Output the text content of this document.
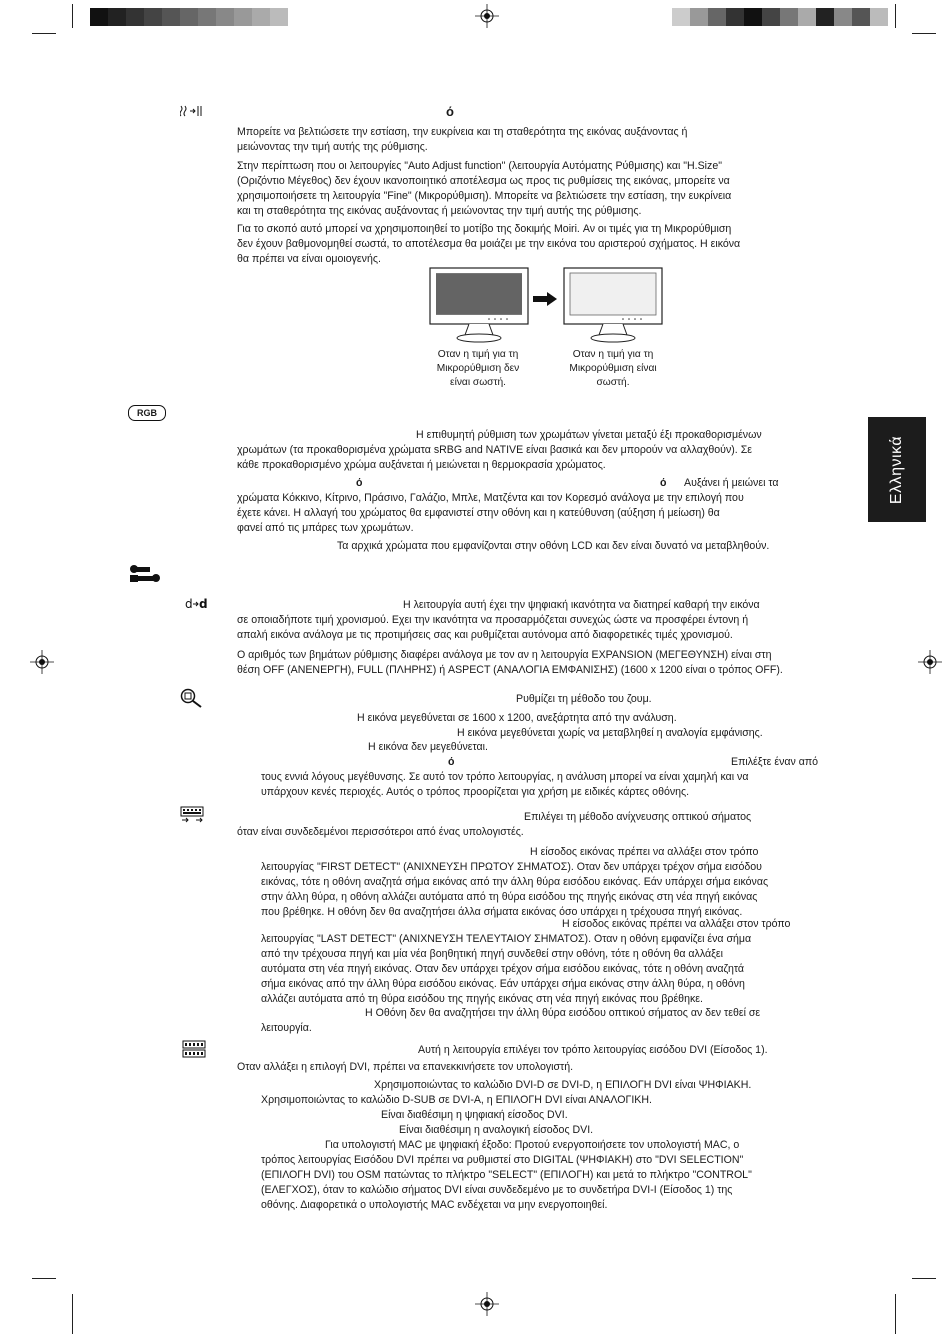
Ελληνικά
ό
Μπορείτε να βελτιώσετε την εστίαση, την ευκρίνεια και τη σταθερότητα της εικόνας αυξάνοντας ή
μειώνοντας την τιμή αυτής της ρύθμισης.
Στην περίπτωση που οι λειτουργίες "Auto Adjust function" (λειτουργία Αυτόματης Ρύθμισης) και "H.Size"
(Οριζόντιο Μέγεθος) δεν έχουν ικανοποιητικό αποτέλεσμα ως προς τις ρυθμίσεις της εικόνας, μπορείτε να
χρησιμοποιήσετε τη λειτουργία "Fine" (Μικρορύθμιση). Μπορείτε να βελτιώσετε την εστίαση, την ευκρίνεια
και τη σταθερότητα της εικόνας αυξάνοντας ή μειώνοντας την τιμή αυτής της ρύθμισης.
Για το σκοπό αυτό μπορεί να χρησιμοποιηθεί το μοτίβο της δοκιμής Moiri. Αν οι τιμές για τη Μικρορύθμιση
δεν έχουν βαθμονομηθεί σωστά, το αποτέλεσμα θα μοιάζει με την εικόνα του αριστερού σχήματος. Η εικόνα
θα πρέπει να είναι ομοιογενής.
Οταν η τιμή για τη
Μικρορύθμιση δεν
είναι σωστή.
Οταν η τιμή για τη
Μικρορύθμιση είναι
σωστή.
RGB
Η επιθυμητή ρύθμιση των χρωμάτων γίνεται μεταξύ έξι προκαθορισμένων
χρωμάτων (τα προκαθορισμένα χρώματα sRBG and NATIVE είναι βασικά και δεν μπορούν να αλλαχθούν). Σε
κάθε προκαθορισμένο χρώμα αυξάνεται ή μειώνεται η θερμοκρασία χρώματος.
ό	ό	Αυξάνει ή μειώνει τα
χρώματα Κόκκινο, Κίτρινο, Πράσινο, Γαλάζιο, Μπλε, Ματζέντα και τον Κορεσμό ανάλογα με την επιλογή που
έχετε κάνει. Η αλλαγή του χρώματος θα εμφανιστεί στην οθόνη και η κατεύθυνση (αύξηση ή μείωση) θα
φανεί από τις μπάρες των χρωμάτων.
Τα αρχικά χρώματα που εμφανίζονται στην οθόνη LCD και δεν είναι δυνατό να μεταβληθούν.
d d	Η λειτουργία αυτή έχει την ψηφιακή ικανότητα να διατηρεί καθαρή την εικόνα
σε οποιαδήποτε τιμή χρονισμού. Εχει την ικανότητα να προσαρμόζεται συνεχώς ώστε να προσφέρει έντονη ή
απαλή εικόνα ανάλογα με τις προτιμήσεις σας και ρυθμίζεται αυτόνομα από διαφορετικές τιμές χρονισμού.
Ο αριθμός των βημάτων ρύθμισης διαφέρει ανάλογα με τον αν η λειτουργία EXPANSION (ΜΕΓΕΘΥΝΣΗ) είναι στη
θέση OFF (ΑΝΕΝΕΡΓΗ), FULL (ΠΛΗΡΗΣ) ή ASPECT (ΑΝΑΛΟΓΙΑ ΕΜΦΑΝΙΣΗΣ) (1600 x 1200 είναι ο τρόπος OFF).
Ρυθμίζει τη μέθοδο του ζουμ.
Η εικόνα μεγεθύνεται σε 1600 x 1200, ανεξάρτητα από την ανάλυση.
Η εικόνα μεγεθύνεται χωρίς να μεταβληθεί η αναλογία εμφάνισης.
Η εικόνα δεν μεγεθύνεται.
ό	Επιλέξτε έναν από
τους εννιά λόγους μεγέθυνσης. Σε αυτό τον τρόπο λειτουργίας, η ανάλυση μπορεί να είναι χαμηλή και να
υπάρχουν κενές περιοχές. Αυτός ο τρόπος προορίζεται για χρήση με ειδικές κάρτες οθόνης.
Επιλέγει τη μέθοδο ανίχνευσης οπτικού σήματος
όταν είναι συνδεδεμένοι περισσότεροι από ένας υπολογιστές.
Η είσοδος εικόνας πρέπει να αλλάξει στον τρόπο
λειτουργίας "FIRST DETECT" (ΑΝΙΧΝΕΥΣΗ ΠΡΩΤΟΥ ΣΗΜΑΤΟΣ). Οταν δεν υπάρχει τρέχον σήμα εισόδου
εικόνας, τότε η οθόνη αναζητά σήμα εικόνας από την άλλη θύρα εισόδου εικόνας. Εάν υπάρχει σήμα εικόνας
στην άλλη θύρα, η οθόνη αλλάζει αυτόματα από τη θύρα εισόδου της πηγής εικόνας στη νέα πηγή εικόνας
που βρέθηκε. Η οθόνη δεν θα αναζητήσει άλλα σήματα εικόνας όσο υπάρχει η τρέχουσα πηγή εικόνας.
Η είσοδος εικόνας πρέπει να αλλάξει στον τρόπο
λειτουργίας "LAST DETECT" (ΑΝΙΧΝΕΥΣΗ ΤΕΛΕΥΤΑΙΟΥ ΣΗΜΑΤΟΣ). Οταν η οθόνη εμφανίζει ένα σήμα
από την τρέχουσα πηγή και μία νέα βοηθητική πηγή συνδεθεί στην οθόνη, τότε η οθόνη θα αλλάξει
αυτόματα στη νέα πηγή εικόνας. Οταν δεν υπάρχει τρέχον σήμα εισόδου εικόνας, τότε η οθόνη αναζητά
σήμα εικόνας από την άλλη θύρα εισόδου εικόνας. Εάν υπάρχει σήμα εικόνας στην άλλη θύρα, η οθόνη
αλλάζει αυτόματα από τη θύρα εισόδου της πηγής εικόνας στη νέα πηγή εικόνας που βρέθηκε.
Η Οθόνη δεν θα αναζητήσει την άλλη θύρα εισόδου οπτικού σήματος αν δεν τεθεί σε
λειτουργία.
Αυτή η λειτουργία επιλέγει τον τρόπο λειτουργίας εισόδου DVI (Είσοδος 1).
Οταν αλλάξει η επιλογή DVI, πρέπει να επανεκκινήσετε τον υπολογιστή.
Χρησιμοποιώντας το καλώδιο DVI-D σε DVI-D, η ΕΠΙΛΟΓΗ DVI είναι ΨΗΦΙΑΚΗ.
Χρησιμοποιώντας το καλώδιο D-SUB σε DVI-A, η ΕΠΙΛΟΓΗ DVI είναι ΑΝΑΛΟΓΙΚΗ.
Είναι διαθέσιμη η ψηφιακή είσοδος DVI.
Είναι διαθέσιμη η αναλογική είσοδος DVI.
Για υπολογιστή MAC με ψηφιακή έξοδο: Προτού ενεργοποιήσετε τον υπολογιστή MAC, ο
τρόπος λειτουργίας Εισόδου DVI πρέπει να ρυθμιστεί στο DIGITAL (ΨΗΦΙΑΚΗ) στο "DVI SELECTION"
(ΕΠΙΛΟΓΗ DVI) του OSM πατώντας το πλήκτρο "SELECT" (ΕΠΙΛΟΓΗ) και μετά το πλήκτρο "CONTROL"
(ΕΛΕΓΧΟΣ), όταν το καλώδιο σήματος DVI είναι συνδεδεμένο με το συνδετήρα DVI-I (Είσοδος 1) της
οθόνης. Διαφορετικά ο υπολογιστής MAC ενδέχεται να μην ενεργοποιηθεί.
